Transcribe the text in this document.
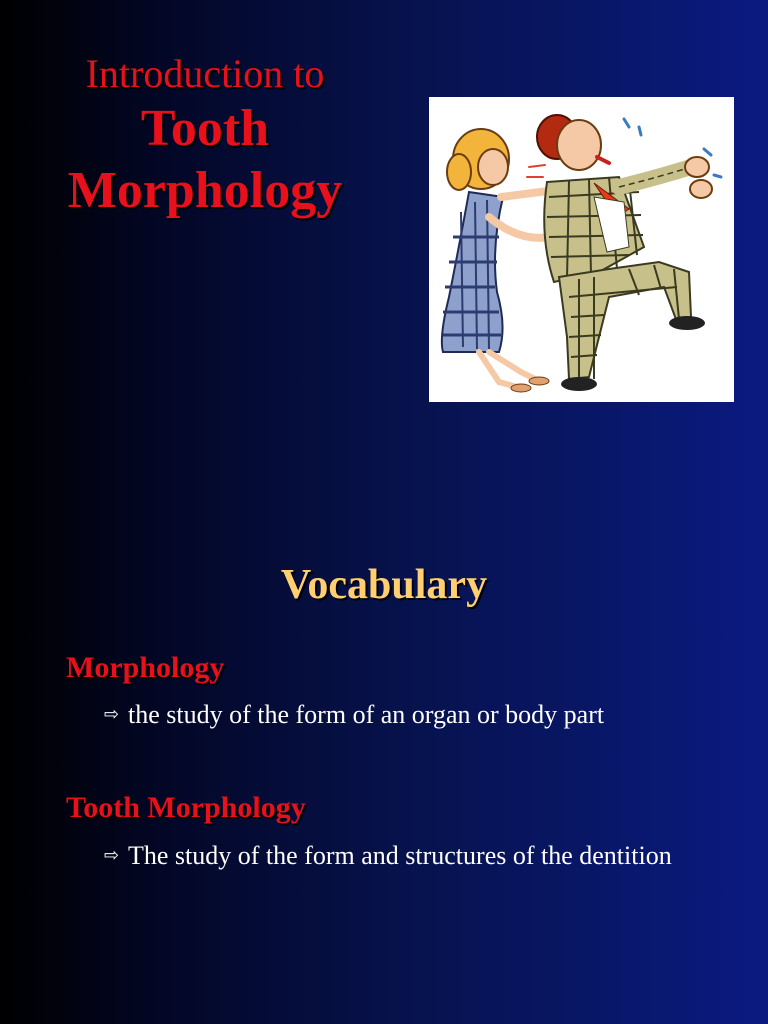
Introduction to

Tooth

Morphology

Vocabulary

Morphology

⇨ the study of the form of an organ or body part

Tooth Morphology

⇨ The study of the form and structures of the dentition
